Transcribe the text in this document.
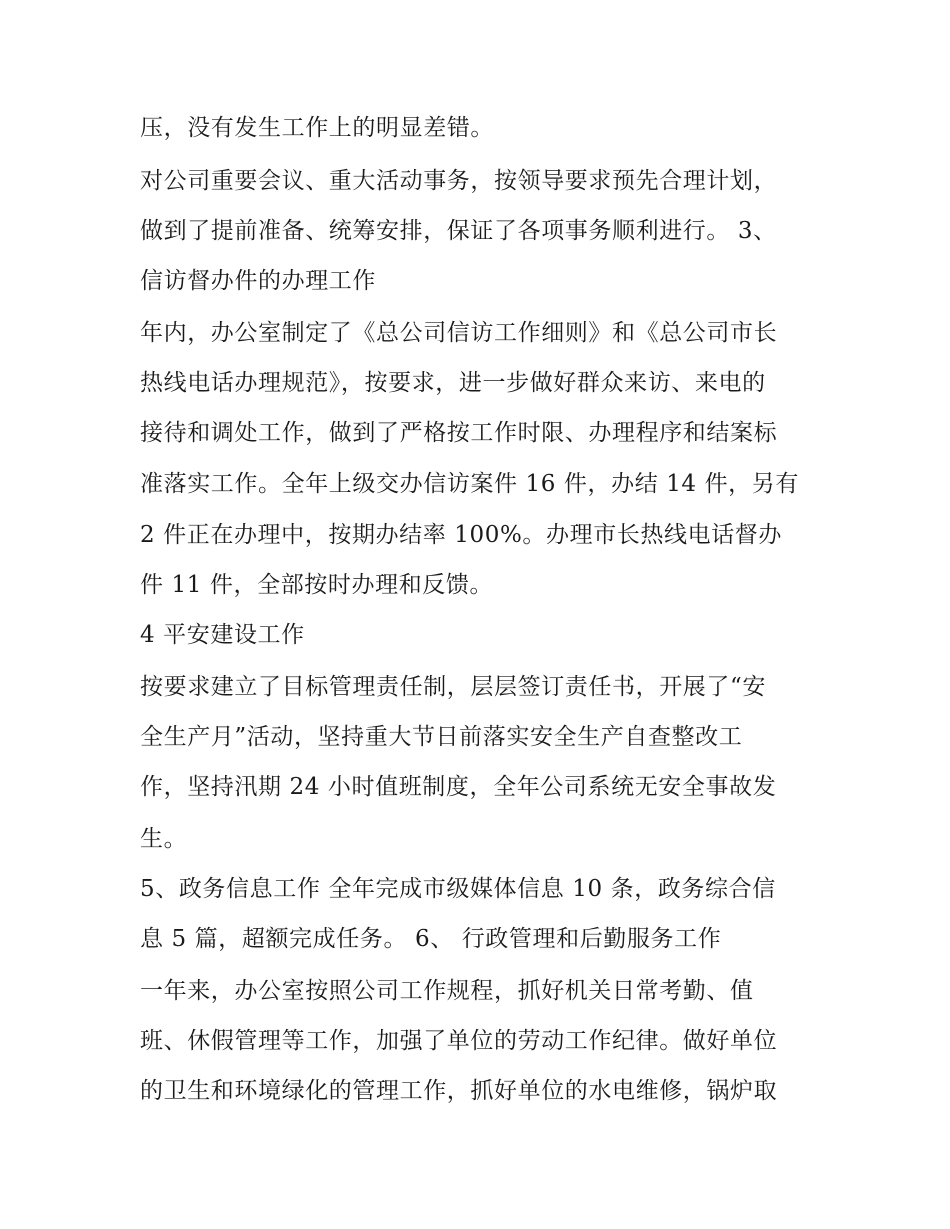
压，没有发生工作上的明显差错。
对公司重要会议、重大活动事务，按领导要求预先合理计划，
做到了提前准备、统筹安排，保证了各项事务顺利进行。 3、
信访督办件的办理工作
年内，办公室制定了《总公司信访工作细则》和《总公司市长
热线电话办理规范》，按要求，进一步做好群众来访、来电的
接待和调处工作，做到了严格按工作时限、办理程序和结案标
准落实工作。全年上级交办信访案件 16 件，办结 14 件，另有
2 件正在办理中，按期办结率 100%。办理市长热线电话督办
件 11 件，全部按时办理和反馈。
4 平安建设工作
按要求建立了目标管理责任制，层层签订责任书，开展了“安
全生产月”活动，坚持重大节日前落实安全生产自查整改工
作，坚持汛期 24 小时值班制度，全年公司系统无安全事故发
生。
5、政务信息工作 全年完成市级媒体信息 10 条，政务综合信
息 5 篇，超额完成任务。 6、 行政管理和后勤服务工作
一年来，办公室按照公司工作规程，抓好机关日常考勤、值
班、休假管理等工作，加强了单位的劳动工作纪律。做好单位
的卫生和环境绿化的管理工作，抓好单位的水电维修，锅炉取
